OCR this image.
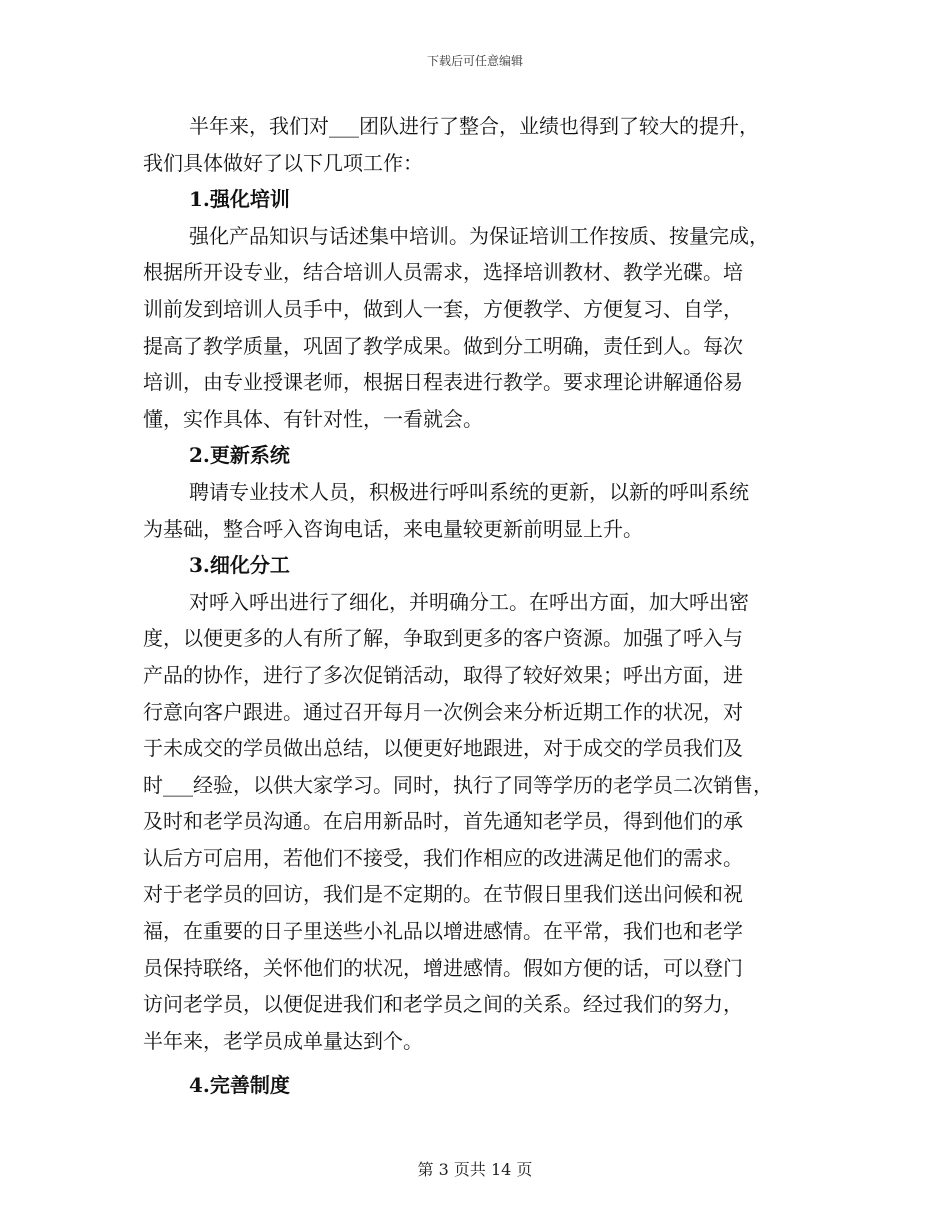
下载后可任意编辑
半年来，我们对___团队进行了整合，业绩也得到了较大的提升，
我们具体做好了以下几项工作：
1.强化培训
强化产品知识与话述集中培训。为保证培训工作按质、按量完成，
根据所开设专业，结合培训人员需求，选择培训教材、教学光碟。培
训前发到培训人员手中，做到人一套，方便教学、方便复习、自学，
提高了教学质量，巩固了教学成果。做到分工明确，责任到人。每次
培训，由专业授课老师，根据日程表进行教学。要求理论讲解通俗易
懂，实作具体、有针对性，一看就会。
2.更新系统
聘请专业技术人员，积极进行呼叫系统的更新，以新的呼叫系统
为基础，整合呼入咨询电话，来电量较更新前明显上升。
3.细化分工
对呼入呼出进行了细化，并明确分工。在呼出方面，加大呼出密
度，以便更多的人有所了解，争取到更多的客户资源。加强了呼入与
产品的协作，进行了多次促销活动，取得了较好效果；呼出方面，进
行意向客户跟进。通过召开每月一次例会来分析近期工作的状况，对
于未成交的学员做出总结，以便更好地跟进，对于成交的学员我们及
时___经验，以供大家学习。同时，执行了同等学历的老学员二次销售，
及时和老学员沟通。在启用新品时，首先通知老学员，得到他们的承
认后方可启用，若他们不接受，我们作相应的改进满足他们的需求。
对于老学员的回访，我们是不定期的。在节假日里我们送出问候和祝
福，在重要的日子里送些小礼品以增进感情。在平常，我们也和老学
员保持联络，关怀他们的状况，增进感情。假如方便的话，可以登门
访问老学员，以便促进我们和老学员之间的关系。经过我们的努力，
半年来，老学员成单量达到个。
4.完善制度
第 3 页共 14 页
